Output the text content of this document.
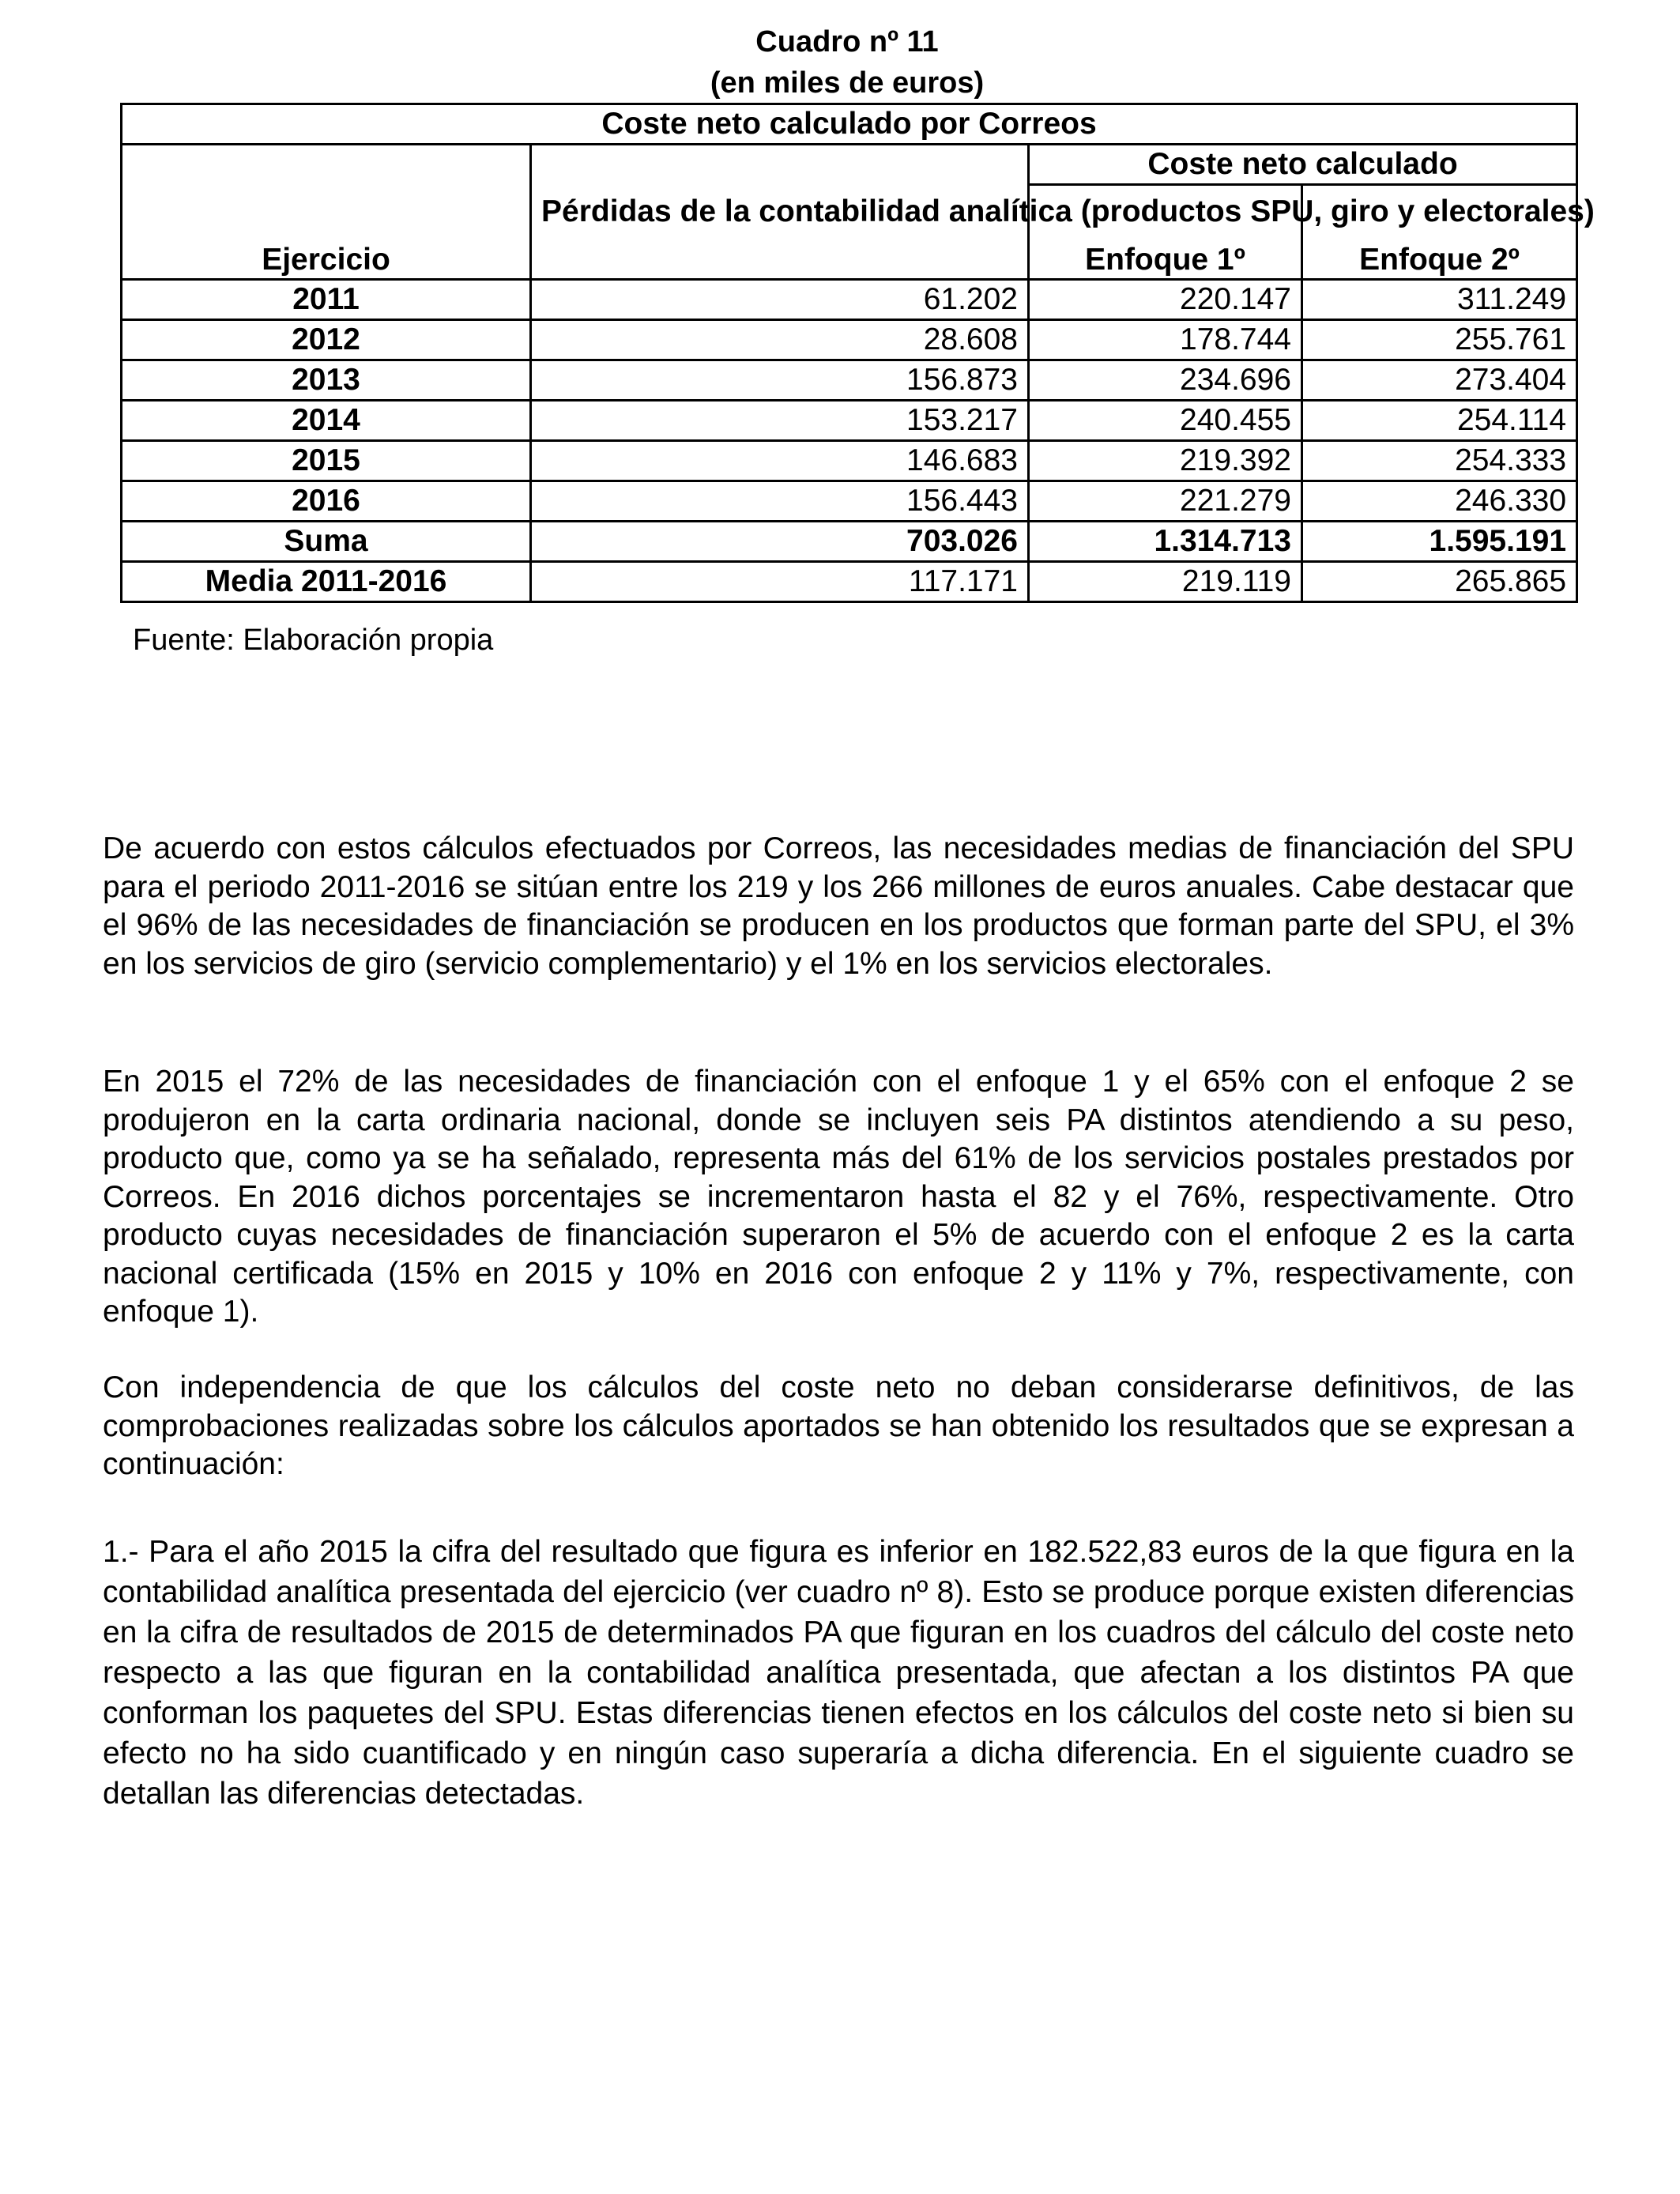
Cuadro nº 11
(en miles de euros)
Coste neto calculado por Correos			
Ejercicio	Pérdidas de la contabilidad analítica (productos SPU, giro y electorales)	Coste neto calculado	
		Enfoque 1º	Enfoque 2º
2011	61.202	220.147	311.249
2012	28.608	178.744	255.761
2013	156.873	234.696	273.404
2014	153.217	240.455	254.114
2015	146.683	219.392	254.333
2016	156.443	221.279	246.330
Suma	703.026	1.314.713	1.595.191
Media 2011-2016	117.171	219.119	265.865
Fuente: Elaboración propia

De acuerdo con estos cálculos efectuados por Correos, las necesidades medias de financiación del SPU para el periodo 2011-2016 se sitúan entre los 219 y los 266 millones de euros anuales. Cabe destacar que el 96% de las necesidades de financiación se producen en los productos que forman parte del SPU, el 3% en los servicios de giro (servicio complementario) y el 1% en los servicios electorales.

En 2015 el 72% de las necesidades de financiación con el enfoque 1 y el 65% con el enfoque 2 se produjeron en la carta ordinaria nacional, donde se incluyen seis PA distintos atendiendo a su peso, producto que, como ya se ha señalado, representa más del 61% de los servicios postales prestados por Correos. En 2016 dichos porcentajes se incrementaron hasta el 82 y el 76%, respectivamente. Otro producto cuyas necesidades de financiación superaron el 5% de acuerdo con el enfoque 2 es la carta nacional certificada (15% en 2015 y 10% en 2016 con enfoque 2 y 11% y 7%, respectivamente, con enfoque 1).

Con independencia de que los cálculos del coste neto no deban considerarse definitivos, de las comprobaciones realizadas sobre los cálculos aportados se han obtenido los resultados que se expresan a continuación:

1.- Para el año 2015 la cifra del resultado que figura es inferior en 182.522,83 euros de la que figura en la contabilidad analítica presentada del ejercicio (ver cuadro nº 8). Esto se produce porque existen diferencias en la cifra de resultados de 2015 de determinados PA que figuran en los cuadros del cálculo del coste neto respecto a las que figuran en la contabilidad analítica presentada, que afectan a los distintos PA que conforman los paquetes del SPU. Estas diferencias tienen efectos en los cálculos del coste neto si bien su efecto no ha sido cuantificado y en ningún caso superaría a dicha diferencia. En el siguiente cuadro se detallan las diferencias detectadas.
